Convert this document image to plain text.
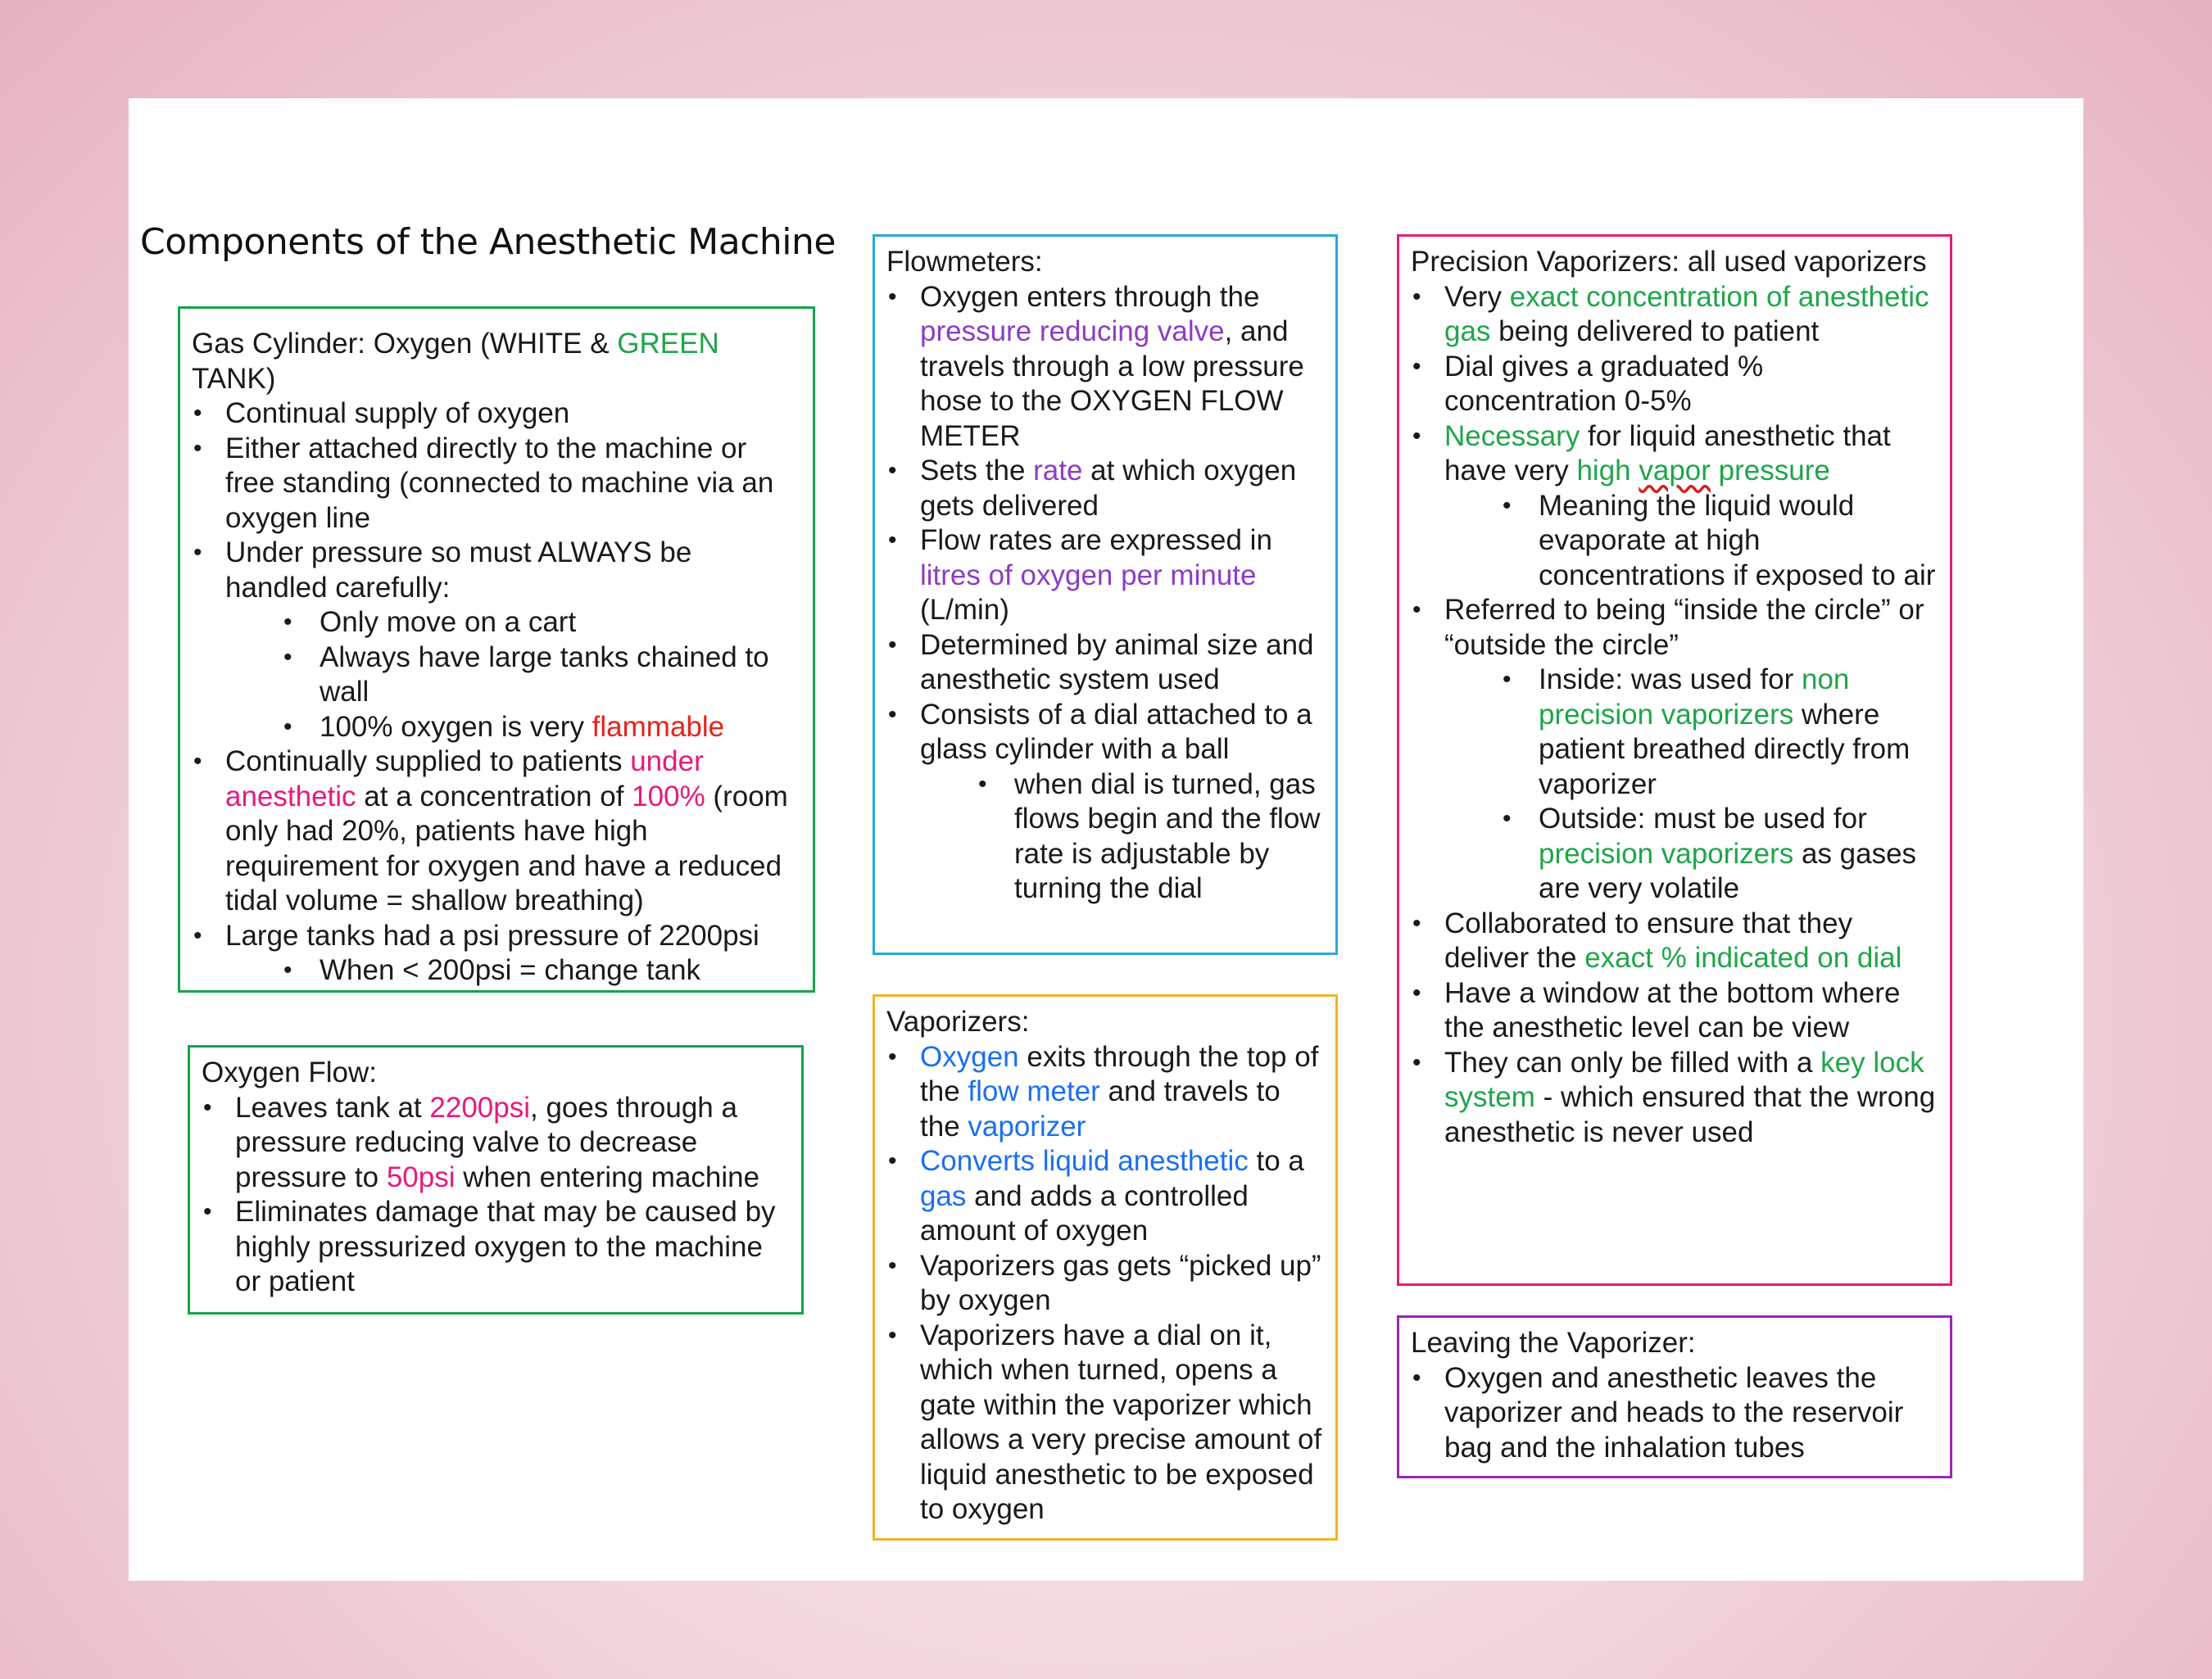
Components of the Anesthetic Machine
Gas Cylinder: Oxygen (WHITE & GREEN TANK)
• Continual supply of oxygen
• Either attached directly to the machine or free standing (connected to machine via an oxygen line
• Under pressure so must ALWAYS be handled carefully:
• Only move on a cart
• Always have large tanks chained to wall
• 100% oxygen is very flammable
• Continually supplied to patients under anesthetic at a concentration of 100% (room only had 20%, patients have high requirement for oxygen and have a reduced tidal volume = shallow breathing)
• Large tanks had a psi pressure of 2200psi
• When < 200psi = change tank
Oxygen Flow:
• Leaves tank at 2200psi, goes through a pressure reducing valve to decrease pressure to 50psi when entering machine
• Eliminates damage that may be caused by highly pressurized oxygen to the machine or patient
Flowmeters:
• Oxygen enters through the pressure reducing valve, and travels through a low pressure hose to the OXYGEN FLOW METER
• Sets the rate at which oxygen gets delivered
• Flow rates are expressed in litres of oxygen per minute (L/min)
• Determined by animal size and anesthetic system used
• Consists of a dial attached to a glass cylinder with a ball
• when dial is turned, gas flows begin and the flow rate is adjustable by turning the dial
Vaporizers:
• Oxygen exits through the top of the flow meter and travels to the vaporizer
• Converts liquid anesthetic to a gas and adds a controlled amount of oxygen
• Vaporizers gas gets “picked up” by oxygen
• Vaporizers have a dial on it, which when turned, opens a gate within the vaporizer which allows a very precise amount of liquid anesthetic to be exposed to oxygen
Precision Vaporizers: all used vaporizers
• Very exact concentration of anesthetic gas being delivered to patient
• Dial gives a graduated % concentration 0-5%
• Necessary for liquid anesthetic that have very high vapor pressure
• Meaning the liquid would evaporate at high concentrations if exposed to air
• Referred to being “inside the circle” or “outside the circle”
• Inside: was used for non precision vaporizers where patient breathed directly from vaporizer
• Outside: must be used for precision vaporizers as gases are very volatile
• Collaborated to ensure that they deliver the exact % indicated on dial
• Have a window at the bottom where the anesthetic level can be view
• They can only be filled with a key lock system - which ensured that the wrong anesthetic is never used
Leaving the Vaporizer:
• Oxygen and anesthetic leaves the vaporizer and heads to the reservoir bag and the inhalation tubes
